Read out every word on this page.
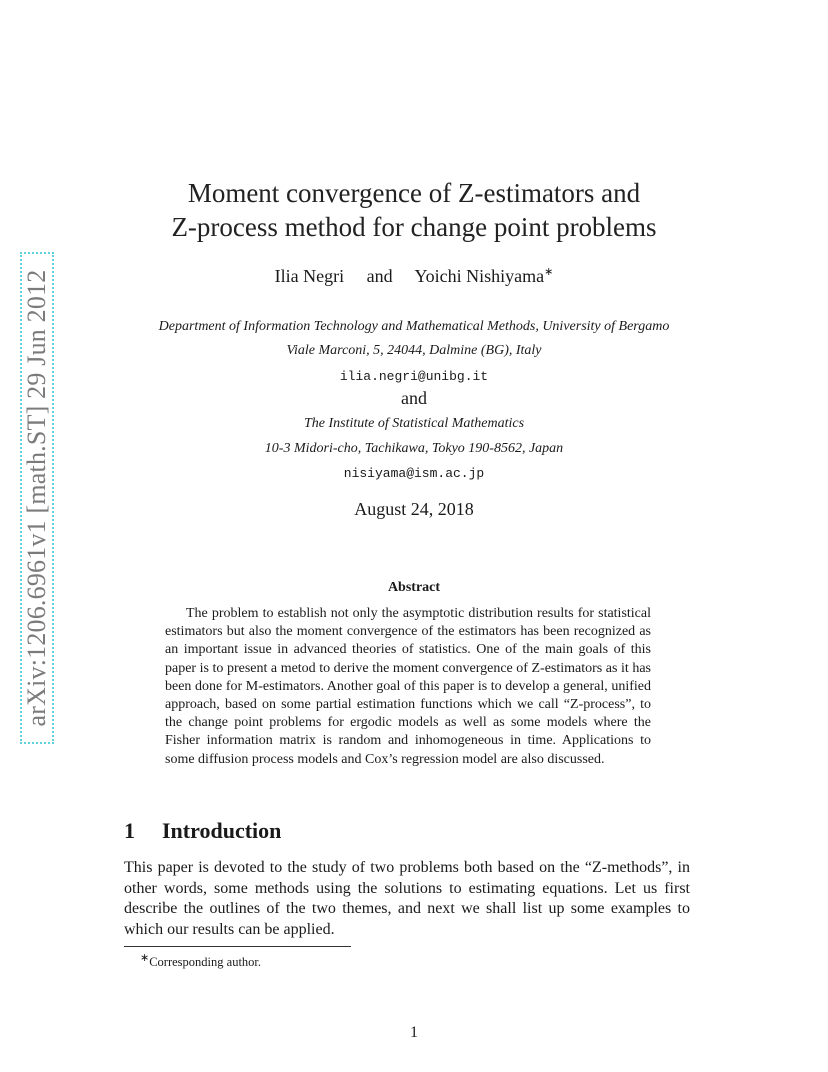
arXiv:1206.6961v1 [math.ST] 29 Jun 2012
Moment convergence of Z-estimators and
Z-process method for change point problems
Ilia Negri and Yoichi Nishiyama∗
Department of Information Technology and Mathematical Methods, University of Bergamo
Viale Marconi, 5, 24044, Dalmine (BG), Italy
ilia.negri@unibg.it
and
The Institute of Statistical Mathematics
10-3 Midori-cho, Tachikawa, Tokyo 190-8562, Japan
nisiyama@ism.ac.jp
August 24, 2018
Abstract
The problem to establish not only the asymptotic distribution results for statistical estimators but also the moment convergence of the estimators has been recognized as an important issue in advanced theories of statistics. One of the main goals of this paper is to present a metod to derive the moment convergence of Z-estimators as it has been done for M-estimators. Another goal of this paper is to develop a general, unified approach, based on some partial estimation functions which we call “Z-process”, to the change point problems for ergodic models as well as some models where the Fisher information matrix is random and inhomogeneous in time. Applications to some diffusion process models and Cox’s regression model are also discussed.
1 Introduction
This paper is devoted to the study of two problems both based on the “Z-methods”, in other words, some methods using the solutions to estimating equations. Let us first describe the outlines of the two themes, and next we shall list up some examples to which our results can be applied.
∗Corresponding author.
1
